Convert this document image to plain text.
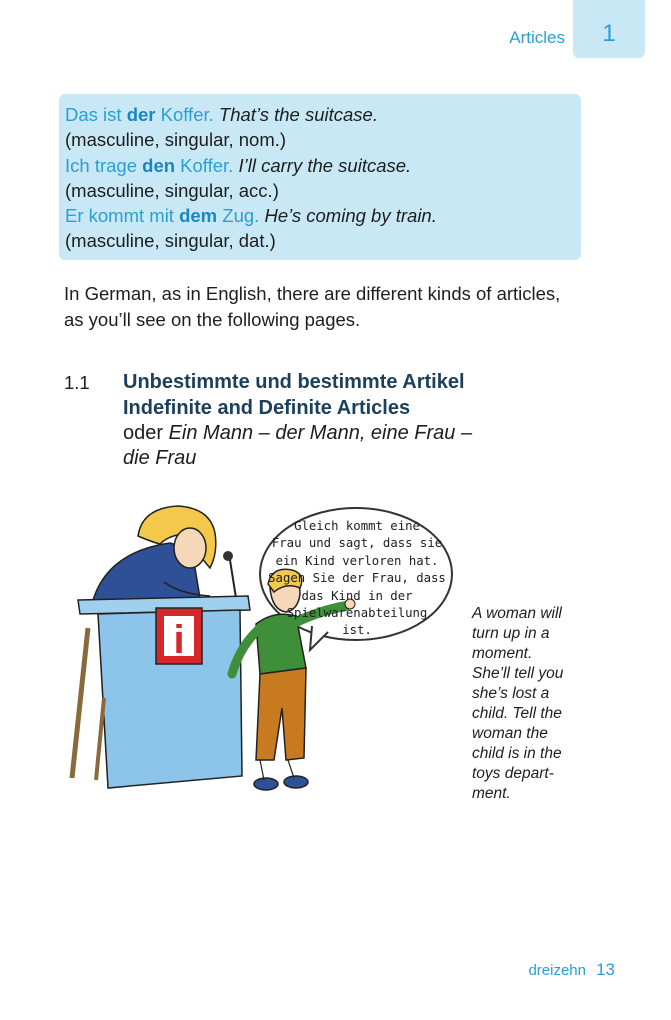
Articles	1
Das ist der Koffer. That’s the suitcase.
(masculine, singular, nom.)
Ich trage den Koffer. I’ll carry the suitcase.
(masculine, singular, acc.)
Er kommt mit dem Zug. He’s coming by train.
(masculine, singular, dat.)

In German, as in English, there are different kinds of articles, as you’ll see on the following pages.

1.1 Unbestimmte und bestimmte Artikel
Indefinite and Definite Articles
oder Ein Mann – der Mann, eine Frau –
die Frau
i
Gleich kommt eine
Frau und sagt, dass sie
ein Kind verloren hat.
Sagen Sie der Frau, dass
das Kind in der
Spielwarenabteilung
ist.
A woman will
turn up in a
moment.
She’ll tell you
she’s lost a
child. Tell the
woman the
child is in the
toys depart-
ment.
dreizehn 13
